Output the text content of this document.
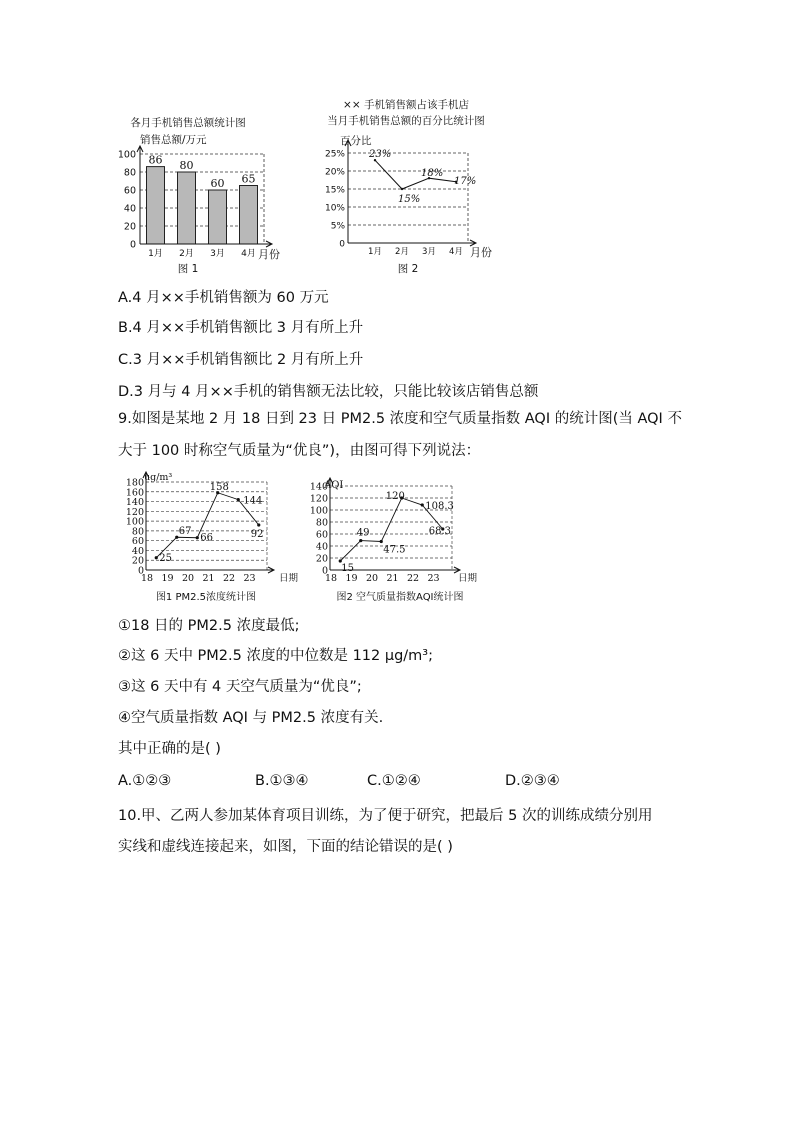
各月手机销售总额统计图
销售总额/万元
月份
图 1
0
20
40
60
80
100
1月 2月 3月 4月
86 80
60 65
×× 手机销售额占该手机店
当月手机销售总额的百分比统计图
百分比
月份
图 2
0
5%
10%
15%
20%
25%
1月 2月 3月 4月
23%
15%
18%
17%
A.4 月××手机销售额为 60 万元
B.4 月××手机销售额比 3 月有所上升
C.3 月××手机销售额比 2 月有所上升
D.3 月与 4 月××手机的销售额无法比较，只能比较该店销售总额
9.如图是某地 2 月 18 日到 23 日 PM2.5 浓度和空气质量指数 AQI 的统计图(当 AQI 不
大于 100 时称空气质量为“优良”)，由图可得下列说法：
ug/m³
日期
图1 PM2.5浓度统计图
0
20
40
60
80
100
120
140
160
180
18 19 20 21 22 23
25
67
66
158
144
92
AQI
日期
图2 空气质量指数AQI统计图
0
20
40
60
80
100
120
140
18 19 20 21 22 23
15
49
47.5
120
108.3
68.3
①18 日的 PM2.5 浓度最低;
②这 6 天中 PM2.5 浓度的中位数是 112 μg/m³;
③这 6 天中有 4 天空气质量为“优良”;
④空气质量指数 AQI 与 PM2.5 浓度有关.
其中正确的是( )
A.①②③	B.①③④	C.①②④	D.②③④
10.甲、乙两人参加某体育项目训练，为了便于研究，把最后 5 次的训练成绩分别用
实线和虚线连接起来，如图，下面的结论错误的是( )
